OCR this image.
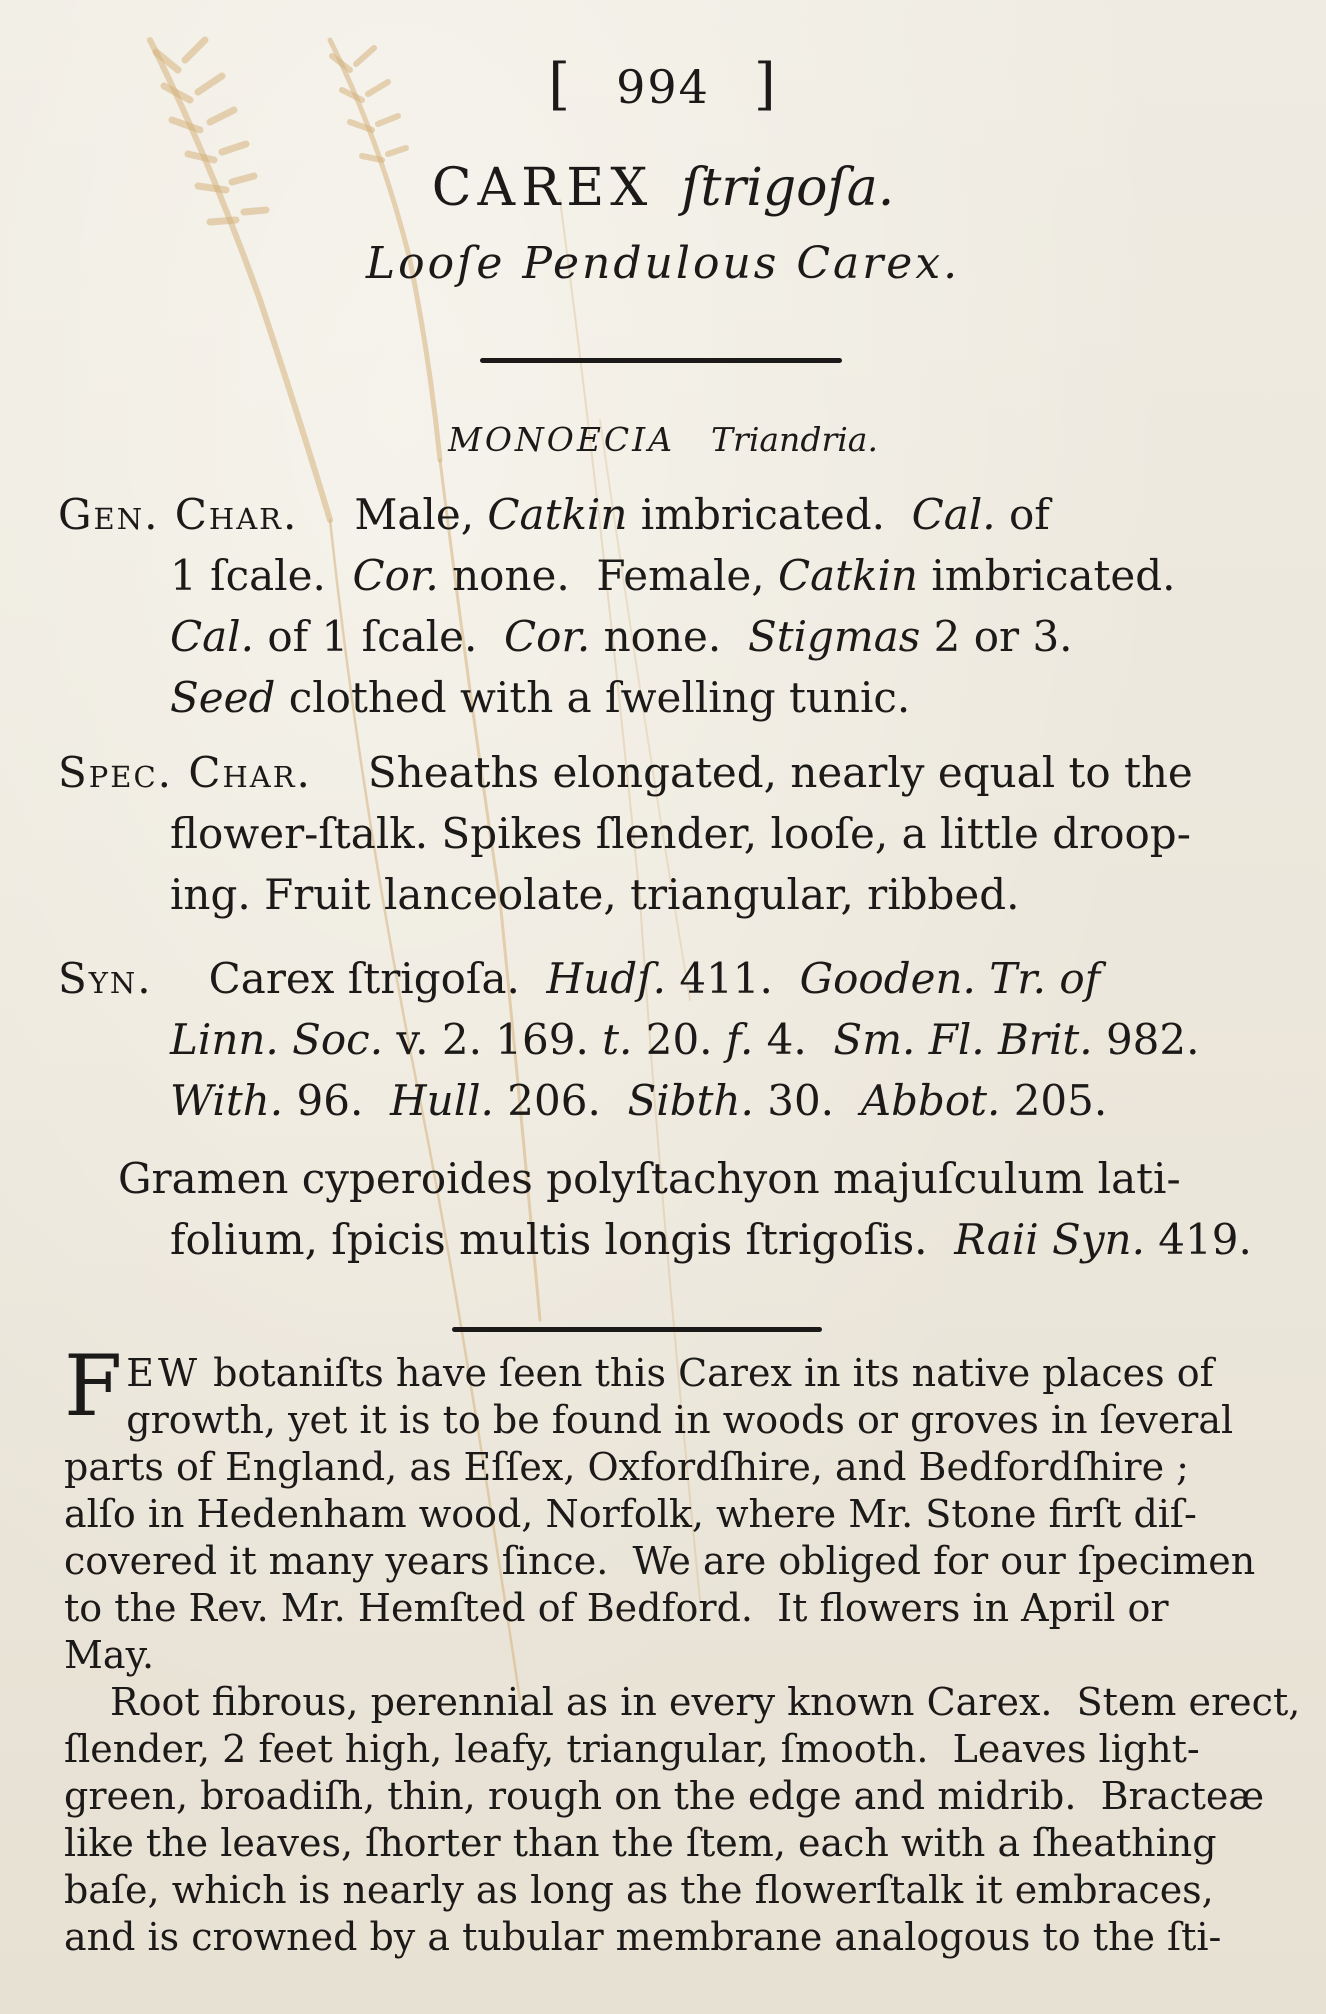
[ 994 ]
CAREX ſtrigoſa.
Looſe Pendulous Carex.
MONOECIA Triandria.
Gen. Char. Male, Catkin imbricated.  Cal. of
1 ſcale.  Cor. none.  Female, Catkin imbricated.
Cal. of 1 ſcale.  Cor. none.  Stigmas 2 or 3.
Seed clothed with a ſwelling tunic.
Spec. Char. Sheaths elongated, nearly equal to the
flower-ſtalk. Spikes ſlender, looſe, a little droop-
ing. Fruit lanceolate, triangular, ribbed.
Syn. Carex ſtrigoſa.  Hudſ. 411.  Gooden. Tr. of
Linn. Soc. v. 2. 169. t. 20. f. 4.  Sm. Fl. Brit. 982.
With. 96.  Hull. 206.  Sibth. 30.  Abbot. 205.
Gramen cyperoides polyſtachyon majuſculum lati-
folium, ſpicis multis longis ſtrigoſis.  Raii Syn. 419.
F EW botaniſts have ſeen this Carex in its native places of
growth, yet it is to be found in woods or groves in ſeveral
parts of England, as Eſſex, Oxfordſhire, and Bedfordſhire ;
alſo in Hedenham wood, Norfolk, where Mr. Stone firſt diſ-
covered it many years ſince.  We are obliged for our ſpecimen
to the Rev. Mr. Hemſted of Bedford.  It flowers in April or
May.
Root fibrous, perennial as in every known Carex.  Stem erect,
ſlender, 2 feet high, leafy, triangular, ſmooth.  Leaves light-
green, broadiſh, thin, rough on the edge and midrib.  Bracteæ
like the leaves, ſhorter than the ſtem, each with a ſheathing
baſe, which is nearly as long as the flowerſtalk it embraces,
and is crowned by a tubular membrane analogous to the ſti-
